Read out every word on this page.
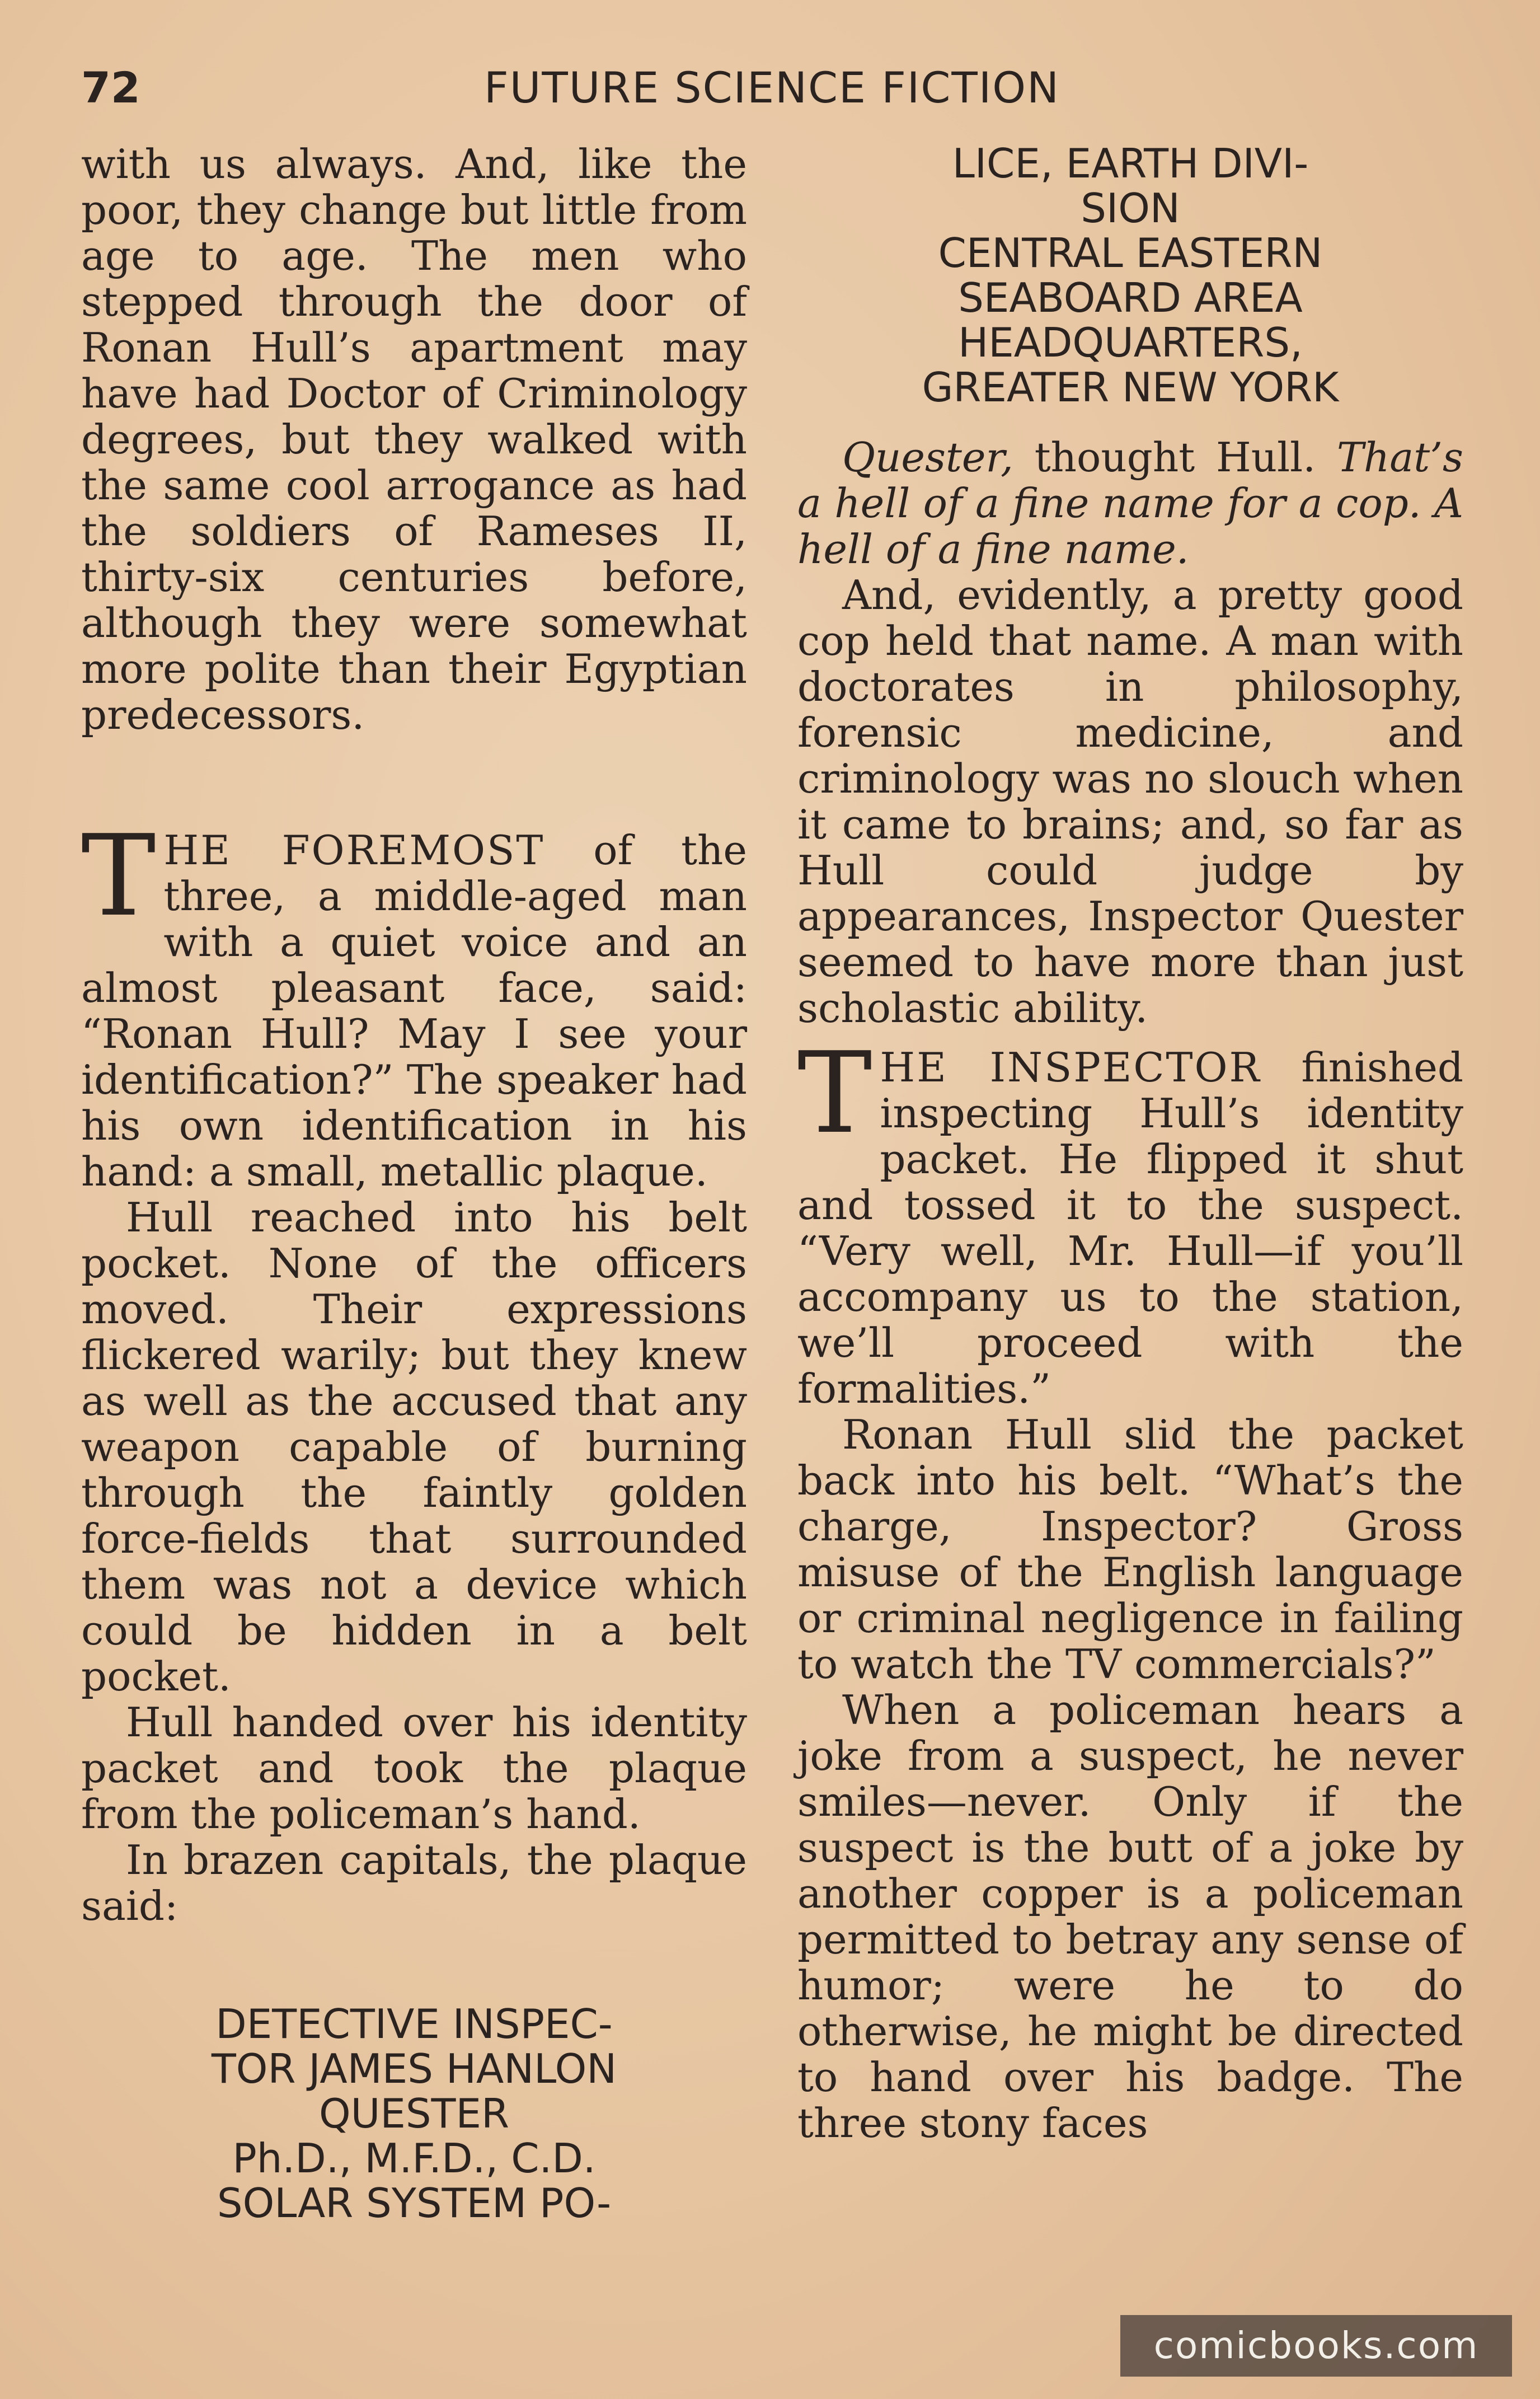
72	FUTURE SCIENCE FICTION

with us always. And, like the poor, they change but little from age to age. The men who stepped through the door of Ronan Hull’s apartment may have had Doctor of Criminology degrees, but they walked with the same cool arrogance as had the soldiers of Rameses II, thirty-six centuries before, although they were somewhat more polite than their Egyptian predecessors.

THE FOREMOST of the three, a middle-aged man with a quiet voice and an almost pleasant face, said: “Ronan Hull? May I see your identification?” The speaker had his own identification in his hand: a small, metallic plaque.

Hull reached into his belt pocket. None of the officers moved. Their expressions flickered warily; but they knew as well as the accused that any weapon capable of burning through the faintly golden force-fields that surrounded them was not a device which could be hidden in a belt pocket.

Hull handed over his identity packet and took the plaque from the policeman’s hand.

In brazen capitals, the plaque said:

DETECTIVE INSPEC-
TOR JAMES HANLON
QUESTER
Ph.D., M.F.D., C.D.
SOLAR SYSTEM PO-
LICE, EARTH DIVI-
SION
CENTRAL EASTERN
SEABOARD AREA
HEADQUARTERS,
GREATER NEW YORK

Quester, thought Hull. That’s a hell of a fine name for a cop. A hell of a fine name.

And, evidently, a pretty good cop held that name. A man with doctorates in philosophy, forensic medicine, and criminology was no slouch when it came to brains; and, so far as Hull could judge by appearances, Inspector Quester seemed to have more than just scholastic ability.

THE INSPECTOR finished inspecting Hull’s identity packet. He flipped it shut and tossed it to the suspect. “Very well, Mr. Hull—if you’ll accompany us to the station, we’ll proceed with the formalities.”

Ronan Hull slid the packet back into his belt. “What’s the charge, Inspector? Gross misuse of the English language or criminal negligence in failing to watch the TV commercials?”

When a policeman hears a joke from a suspect, he never smiles—never. Only if the suspect is the butt of a joke by another copper is a policeman permitted to betray any sense of humor; were he to do otherwise, he might be directed to hand over his badge. The three stony faces

comicbooks.com
